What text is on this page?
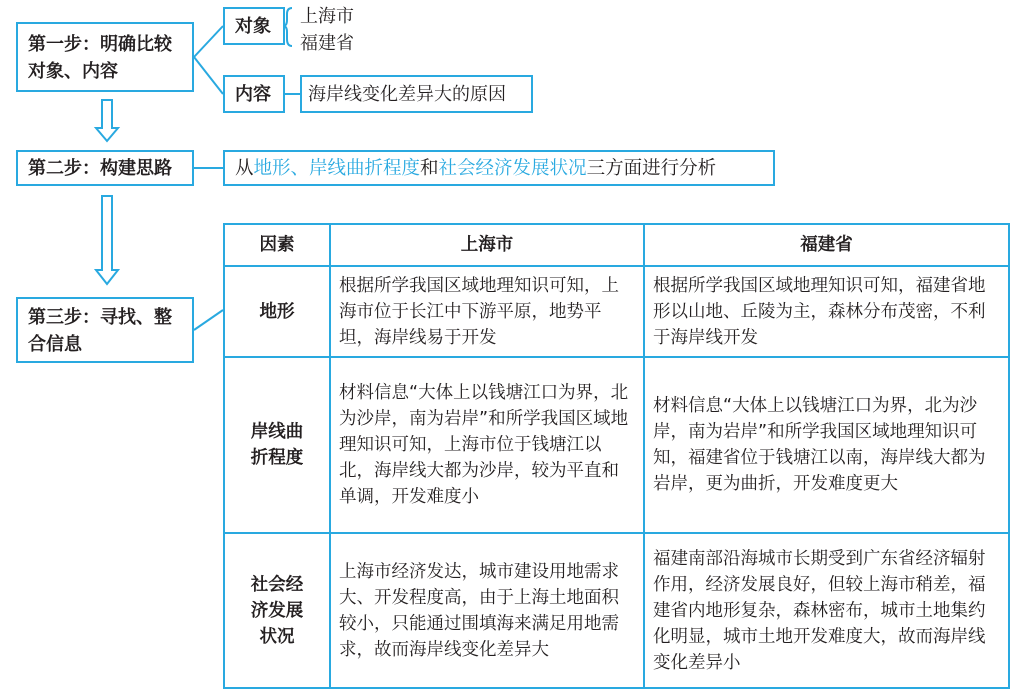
第一步：明确比较
对象、内容
对象	上海市
福建省
内容	海岸线变化差异大的原因
第二步：构建思路	从地形、岸线曲折程度和社会经济发展状况三方面进行分析
第三步：寻找、整
合信息
因素	上海市	福建省
地形	根据所学我国区域地理知识可知，上海市位于长江中下游平原，地势平坦，海岸线易于开发	根据所学我国区域地理知识可知，福建省地形以山地、丘陵为主，森林分布茂密，不利于海岸线开发

岸线曲
折程度	材料信息“大体上以钱塘江口为界，北为沙岸，南为岩岸”和所学我国区域地理知识可知，上海市位于钱塘江以北，海岸线大都为沙岸，较为平直和单调，开发难度小	材料信息“大体上以钱塘江口为界，北为沙岸，南为岩岸”和所学我国区域地理知识可知，福建省位于钱塘江以南，海岸线大都为岩岸，更为曲折，开发难度更大

社会经
济发展
状况	上海市经济发达，城市建设用地需求大、开发程度高，由于上海土地面积较小，只能通过围填海来满足用地需求，故而海岸线变化差异大	福建南部沿海城市长期受到广东省经济辐射作用，经济发展良好，但较上海市稍差，福建省内地形复杂，森林密布，城市土地集约化明显，城市土地开发难度大，故而海岸线变化差异小
